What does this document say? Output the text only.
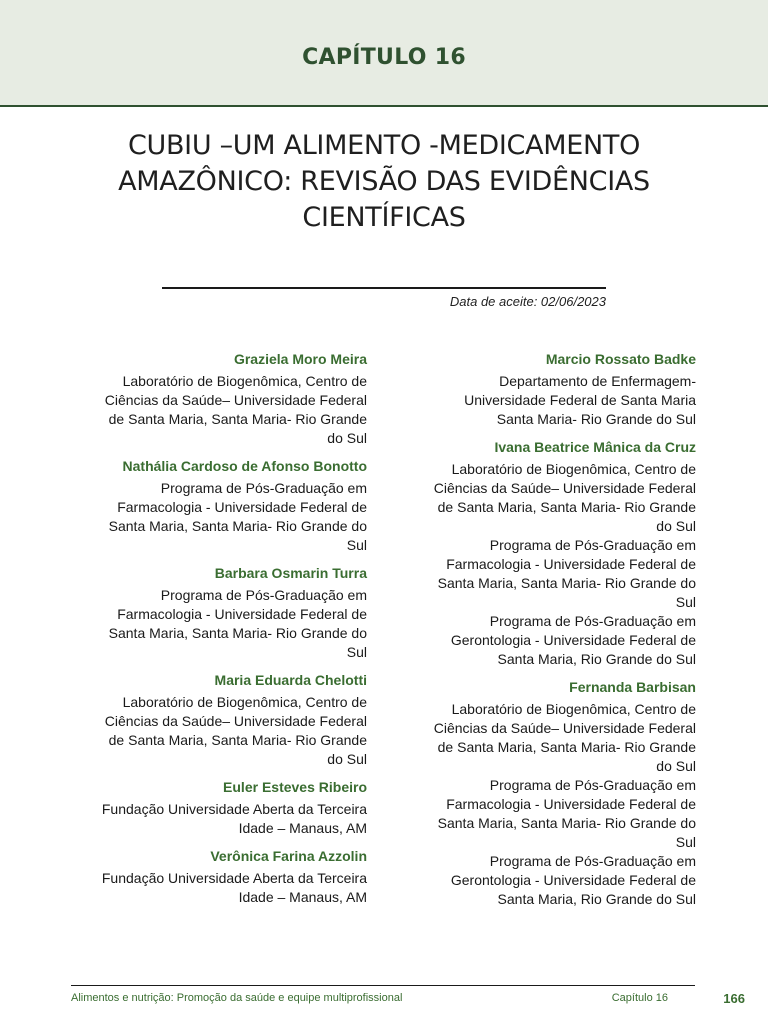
CAPÍTULO 16
CUBIU –UM ALIMENTO -MEDICAMENTO
AMAZÔNICO: REVISÃO DAS EVIDÊNCIAS
CIENTÍFICAS
Data de aceite: 02/06/2023
Graziela Moro Meira
Laboratório de Biogenômica, Centro de
Ciências da Saúde– Universidade Federal
de Santa Maria, Santa Maria- Rio Grande
do Sul
Nathália Cardoso de Afonso Bonotto
Programa de Pós-Graduação em
Farmacologia - Universidade Federal de
Santa Maria, Santa Maria- Rio Grande do
Sul
Barbara Osmarin Turra
Programa de Pós-Graduação em
Farmacologia - Universidade Federal de
Santa Maria, Santa Maria- Rio Grande do
Sul
Maria Eduarda Chelotti
Laboratório de Biogenômica, Centro de
Ciências da Saúde– Universidade Federal
de Santa Maria, Santa Maria- Rio Grande
do Sul
Euler Esteves Ribeiro
Fundação Universidade Aberta da Terceira
Idade – Manaus, AM
Verônica Farina Azzolin
Fundação Universidade Aberta da Terceira
Idade – Manaus, AM
Marcio Rossato Badke
Departamento de Enfermagem-
Universidade Federal de Santa Maria
Santa Maria- Rio Grande do Sul
Ivana Beatrice Mânica da Cruz
Laboratório de Biogenômica, Centro de
Ciências da Saúde– Universidade Federal
de Santa Maria, Santa Maria- Rio Grande
do Sul
Programa de Pós-Graduação em
Farmacologia - Universidade Federal de
Santa Maria, Santa Maria- Rio Grande do
Sul
Programa de Pós-Graduação em
Gerontologia - Universidade Federal de
Santa Maria, Rio Grande do Sul
Fernanda Barbisan
Laboratório de Biogenômica, Centro de
Ciências da Saúde– Universidade Federal
de Santa Maria, Santa Maria- Rio Grande
do Sul
Programa de Pós-Graduação em
Farmacologia - Universidade Federal de
Santa Maria, Santa Maria- Rio Grande do
Sul
Programa de Pós-Graduação em
Gerontologia - Universidade Federal de
Santa Maria, Rio Grande do Sul
Alimentos e nutrição: Promoção da saúde e equipe multiprofissional	Capítulo 16	166
